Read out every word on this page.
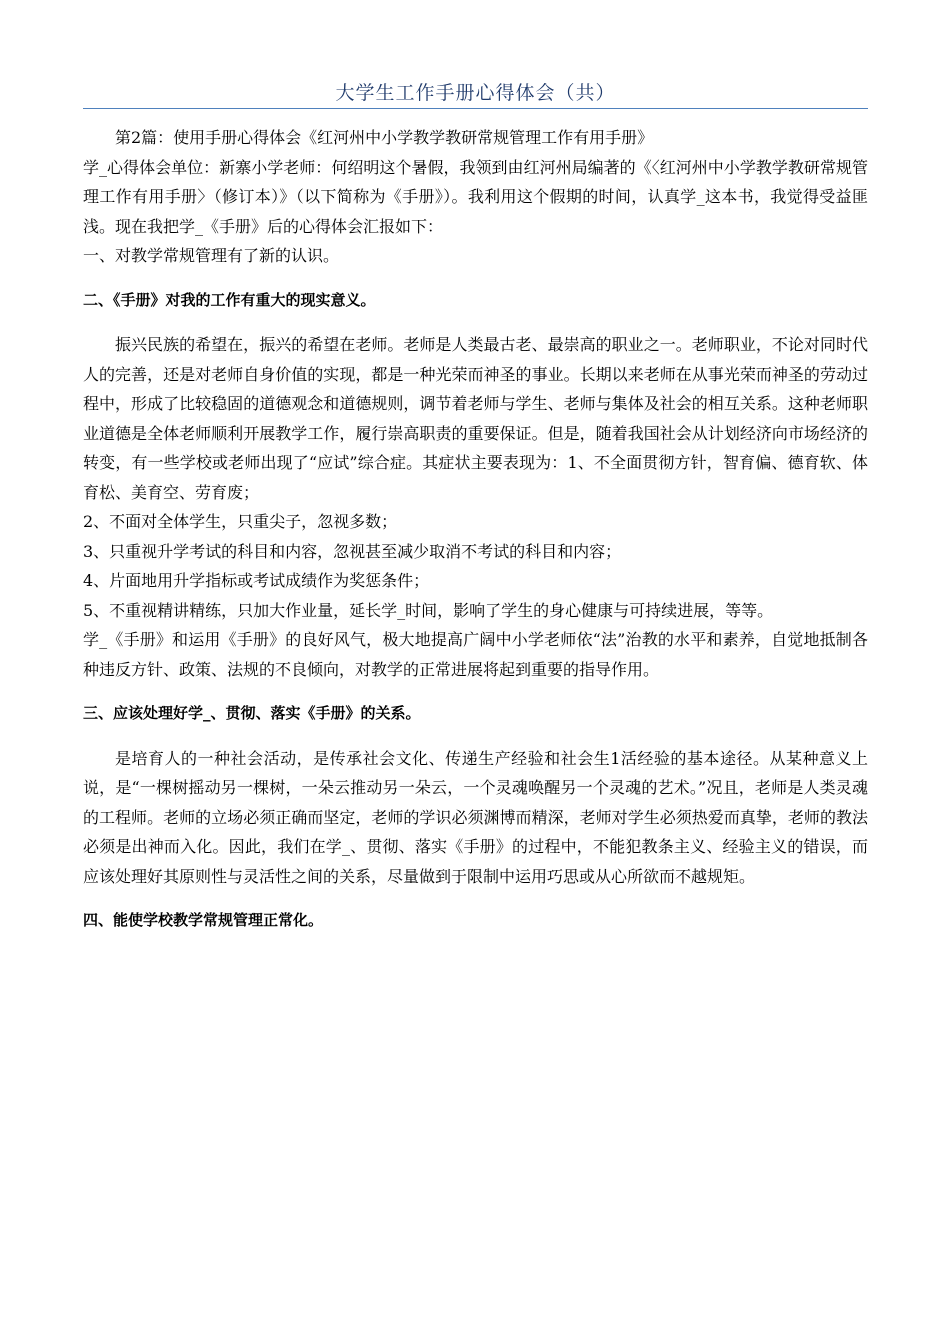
大学生工作手册心得体会（共）

第2篇：使用手册心得体会《红河州中小学教学教研常规管理工作有用手册》

学_心得体会单位：新寨小学老师：何绍明这个暑假，我领到由红河州局编著的《〈红河州中小学教学教研常规管理工作有用手册〉（修订本）》（以下简称为《手册》）。我利用这个假期的时间，认真学_这本书，我觉得受益匪浅。现在我把学_《手册》后的心得体会汇报如下：

一、对教学常规管理有了新的认识。

二、《手册》对我的工作有重大的现实意义。

振兴民族的希望在，振兴的希望在老师。老师是人类最古老、最崇高的职业之一。老师职业，不论对同时代人的完善，还是对老师自身价值的实现，都是一种光荣而神圣的事业。长期以来老师在从事光荣而神圣的劳动过程中，形成了比较稳固的道德观念和道德规则，调节着老师与学生、老师与集体及社会的相互关系。这种老师职业道德是全体老师顺利开展教学工作，履行崇高职责的重要保证。但是，随着我国社会从计划经济向市场经济的转变，有一些学校或老师出现了“应试”综合症。其症状主要表现为：1、不全面贯彻方针，智育偏、德育软、体育松、美育空、劳育废；

2、不面对全体学生，只重尖子，忽视多数；

3、只重视升学考试的科目和内容，忽视甚至减少取消不考试的科目和内容；

4、片面地用升学指标或考试成绩作为奖惩条件；

5、不重视精讲精练，只加大作业量，延长学_时间，影响了学生的身心健康与可持续进展，等等。

学_《手册》和运用《手册》的良好风气，极大地提高广阔中小学老师依“法”治教的水平和素养，自觉地抵制各种违反方针、政策、法规的不良倾向，对教学的正常进展将起到重要的指导作用。

三、应该处理好学_、贯彻、落实《手册》的关系。

是培育人的一种社会活动，是传承社会文化、传递生产经验和社会生1活经验的基本途径。从某种意义上说，是“一棵树摇动另一棵树，一朵云推动另一朵云，一个灵魂唤醒另一个灵魂的艺术。”况且，老师是人类灵魂的工程师。老师的立场必须正确而坚定，老师的学识必须渊博而精深，老师对学生必须热爱而真挚，老师的教法必须是出神而入化。因此，我们在学_、贯彻、落实《手册》的过程中，不能犯教条主义、经验主义的错误，而应该处理好其原则性与灵活性之间的关系，尽量做到于限制中运用巧思或从心所欲而不越规矩。

四、能使学校教学常规管理正常化。
